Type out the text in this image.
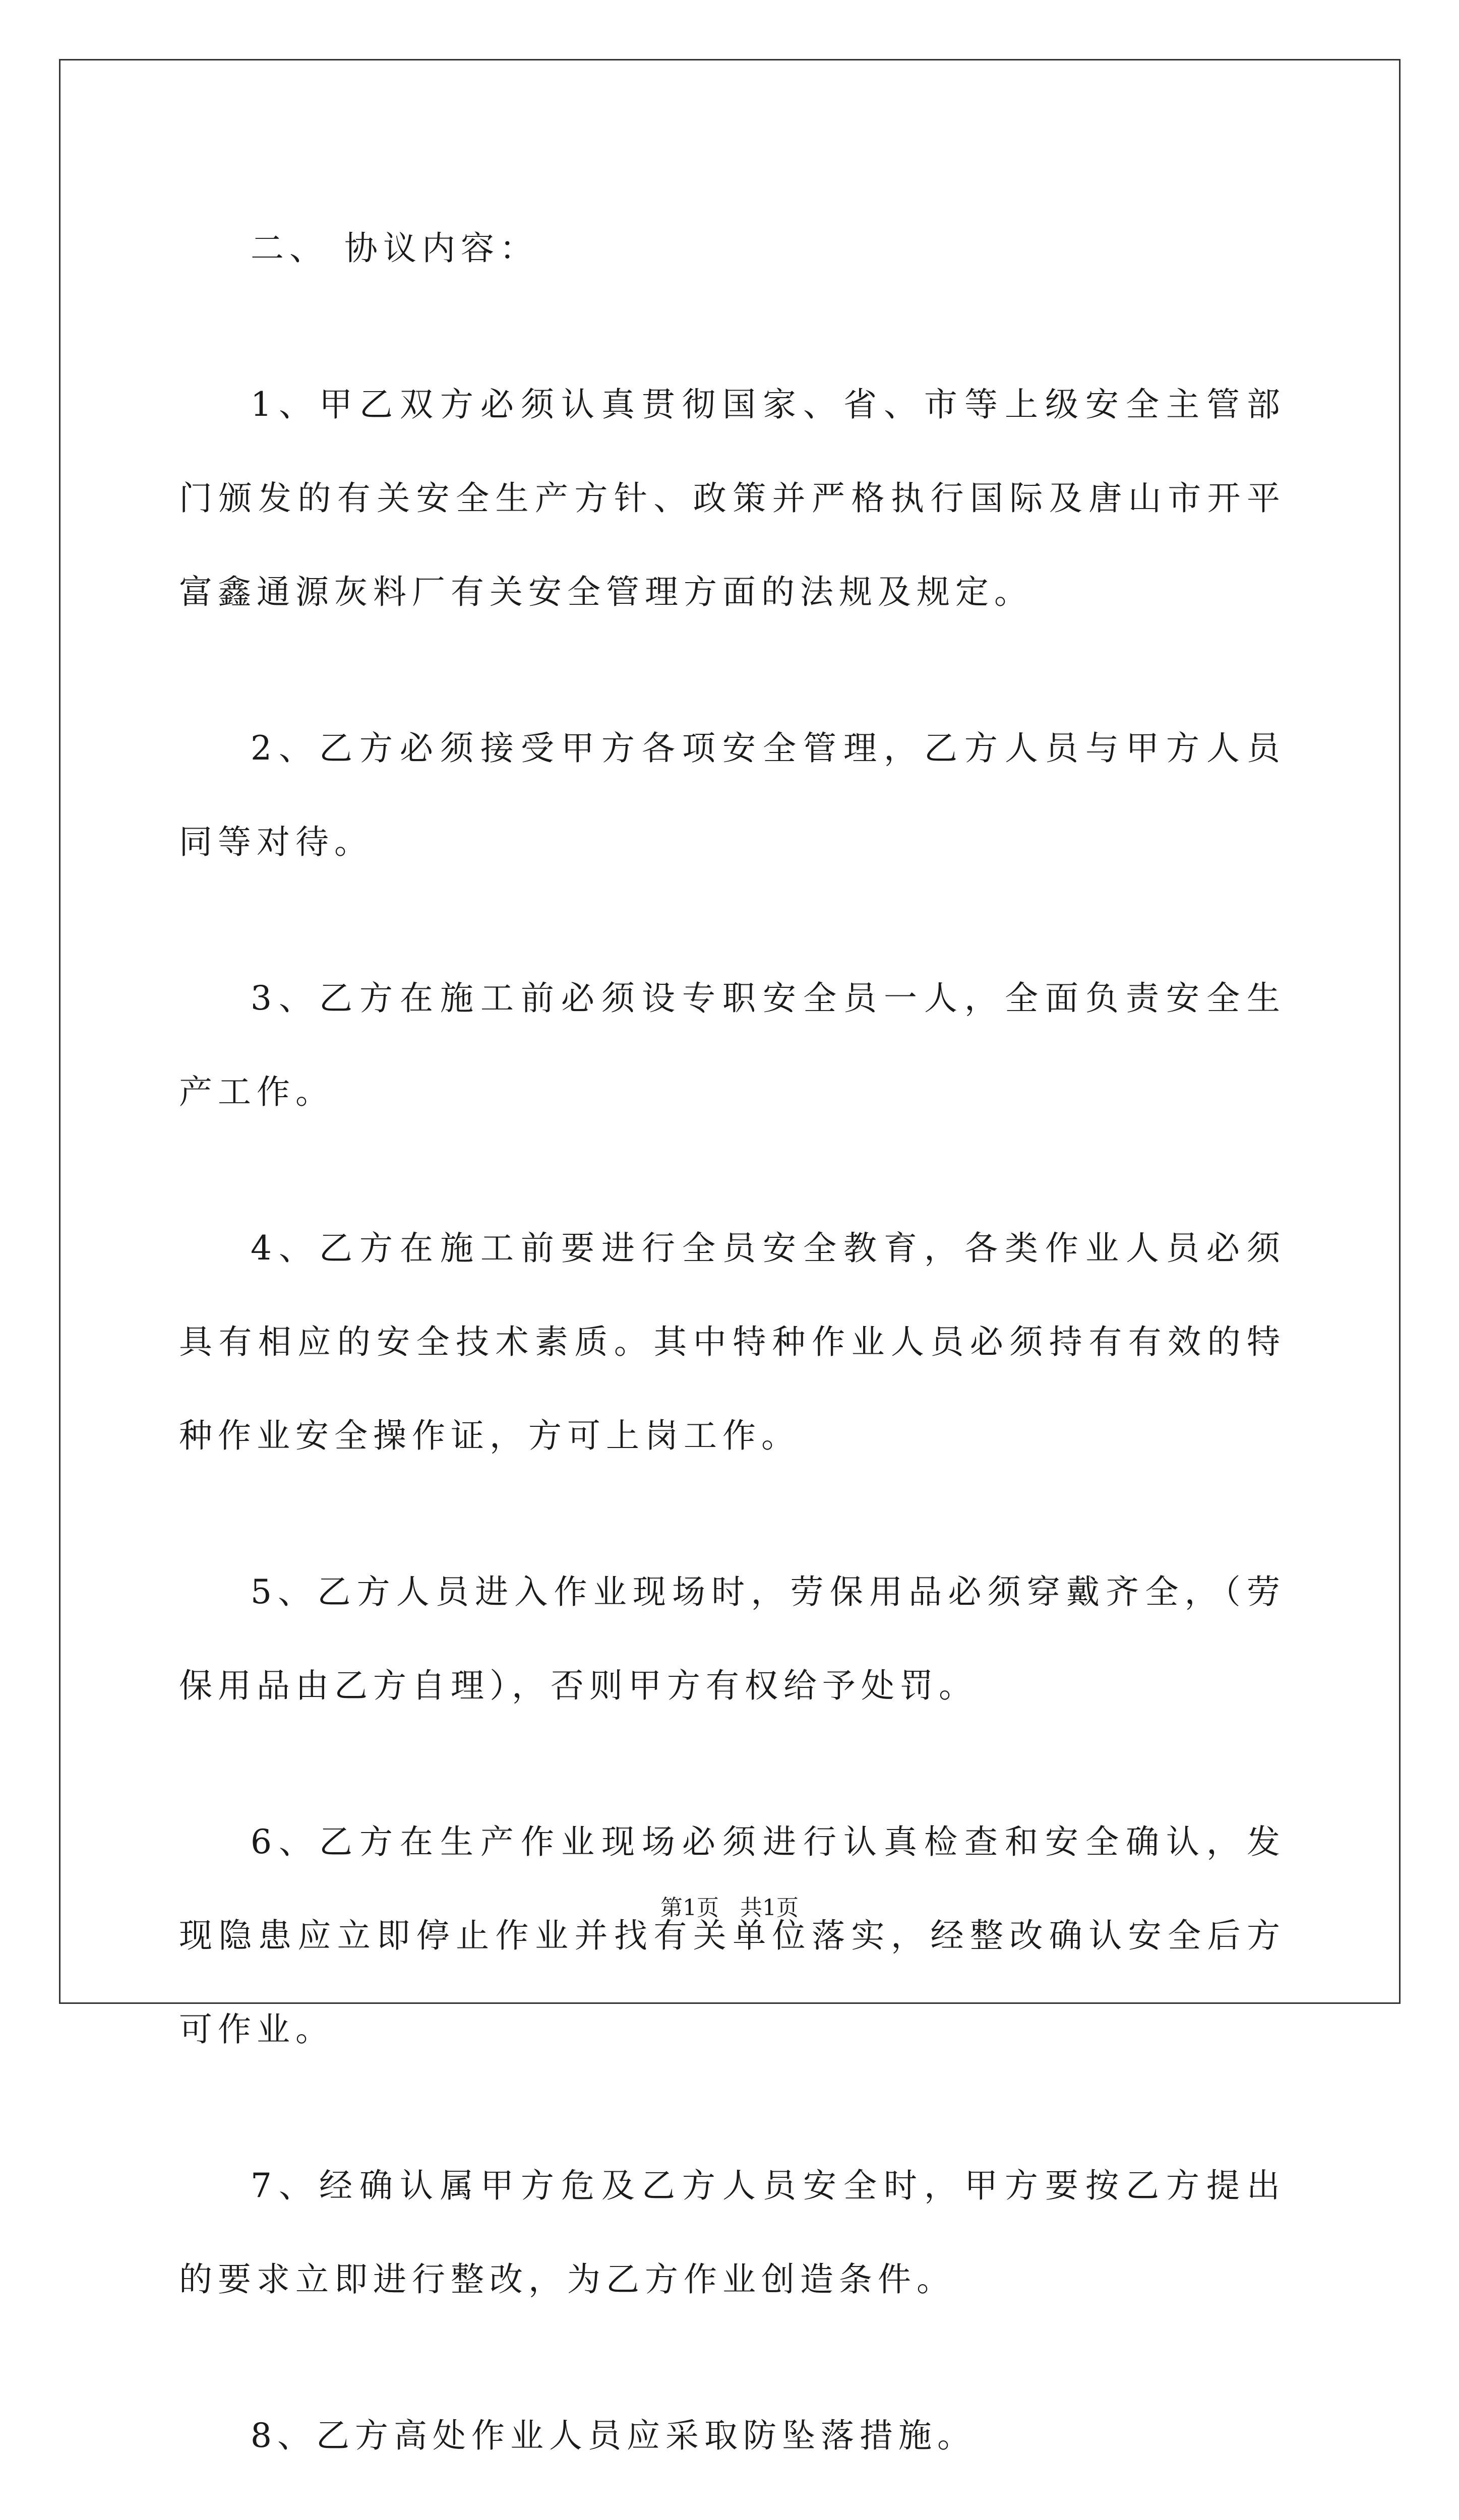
二、 协议内容：

1、甲乙双方必须认真贯彻国家、省、市等上级安全主管部门颁发的有关安全生产方针、政策并严格执行国际及唐山市开平富鑫通源灰料厂有关安全管理方面的法规及规定。

2、乙方必须接受甲方各项安全管理，乙方人员与甲方人员同等对待。

3、乙方在施工前必须设专职安全员一人，全面负责安全生产工作。

4、乙方在施工前要进行全员安全教育，各类作业人员必须具有相应的安全技术素质。其中特种作业人员必须持有有效的特种作业安全操作证，方可上岗工作。

5、乙方人员进入作业现场时，劳保用品必须穿戴齐全，（劳保用品由乙方自理），否则甲方有权给予处罚。

6、乙方在生产作业现场必须进行认真检查和安全确认，发现隐患应立即停止作业并找有关单位落实，经整改确认安全后方可作业。

7、经确认属甲方危及乙方人员安全时，甲方要按乙方提出的要求立即进行整改，为乙方作业创造条件。

8、乙方高处作业人员应采取防坠落措施。

第1页   共1页
